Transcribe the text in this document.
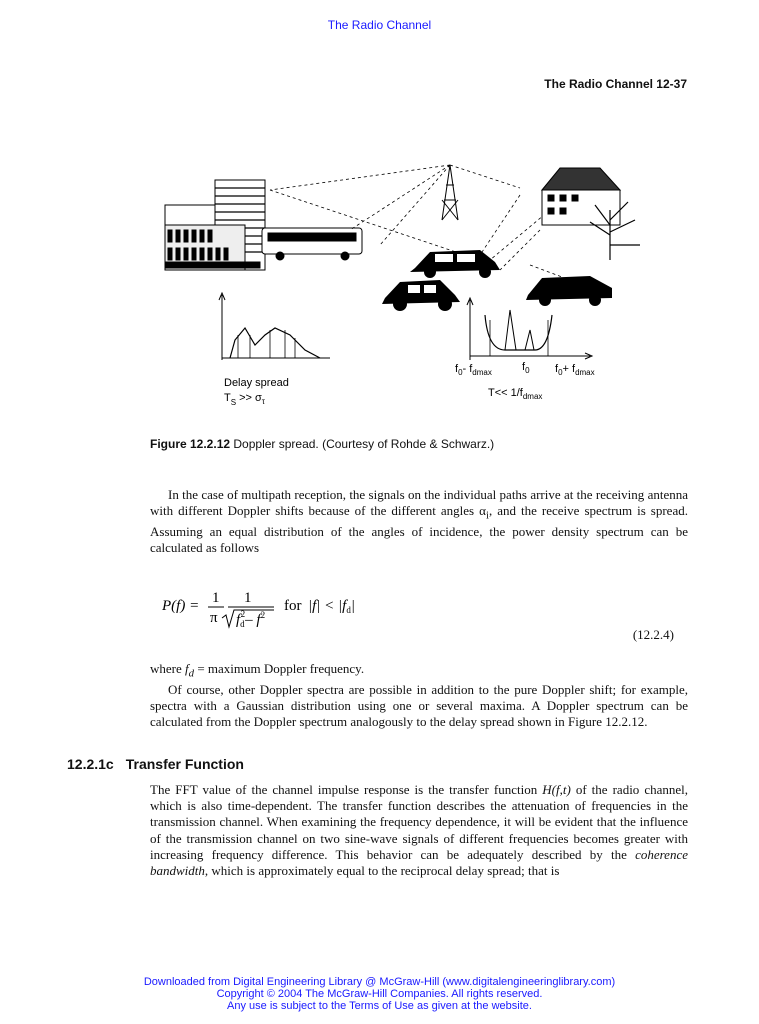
The Radio Channel
The Radio Channel 12-37
Delay spread
$T_S >> \sigma_\tau$
$f_0-$ $f_{dmax}$	$f_0$ $f_0+ f_{dmax}$
$T<< 1/f_{dmax}$
Figure 12.2.12 Doppler spread. (Courtesy of Rohde & Schwarz.)
In the case of multipath reception, the signals on the individual paths arrive at the receiving antenna with different Doppler shifts because of the different angles $\alpha_i$, and the receive spectrum is spread. Assuming an equal distribution of the angles of incidence, the power density spectrum can be calculated as follows
P(f) = 1
π
1
$f_d2-$ $f^2$
for $|f| < |f_d|$
(12.2.4)
where $f_d$ = maximum Doppler frequency.
Of course, other Doppler spectra are possible in addition to the pure Doppler shift; for example, spectra with a Gaussian distribution using one or several maxima. A Doppler spectrum can be calculated from the Doppler spectrum analogously to the delay spread shown in Figure 12.2.12.
12.2.1c Transfer Function
The FFT value of the channel impulse response is the transfer function H(f,t) of the radio channel, which is also time-dependent. The transfer function describes the attenuation of frequencies in the transmission channel. When examining the frequency dependence, it will be evident that the influence of the transmission channel on two sine-wave signals of different frequencies becomes greater with increasing frequency difference. This behavior can be adequately described by the coherence bandwidth, which is approximately equal to the reciprocal delay spread; that is
Downloaded from Digital Engineering Library @ McGraw-Hill (www.digitalengineeringlibrary.com)
Copyright © 2004 The McGraw-Hill Companies. All rights reserved.
Any use is subject to the Terms of Use as given at the website.
